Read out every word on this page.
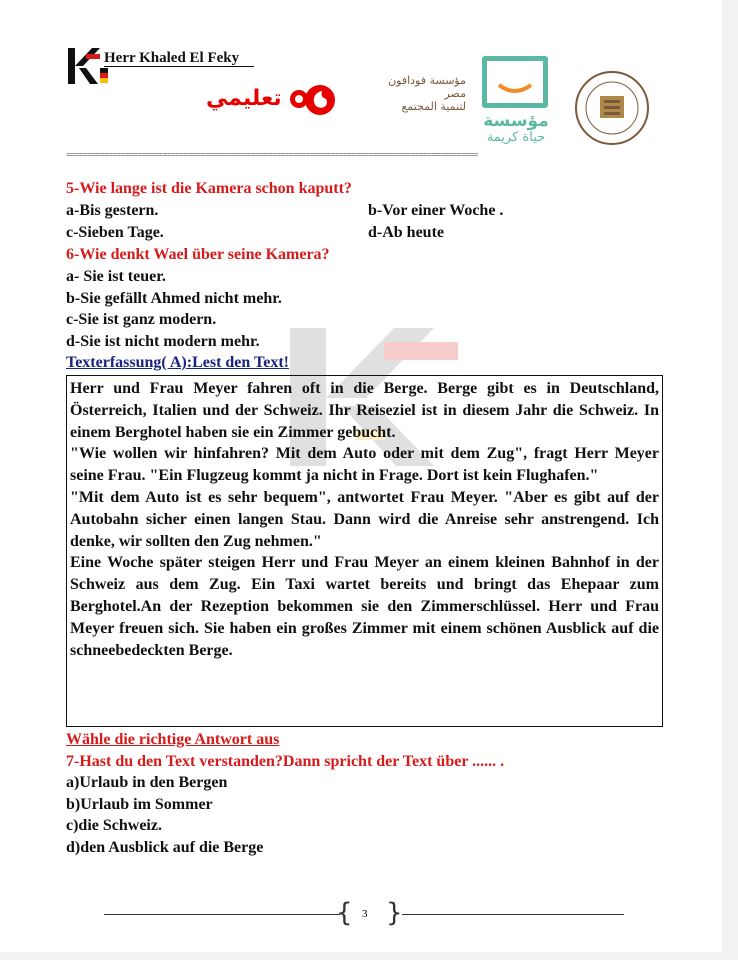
Herr Khaled El Feky
تعليمي
مؤسسة فودافون
مصر
لتنمية المجتمع
مؤسسة
حياة كريمة
==================================================================================================
5-Wie lange ist die Kamera schon kaputt?
a-Bis gestern.	b-Vor einer Woche .
c-Sieben Tage.	d-Ab heute
6-Wie denkt Wael über seine Kamera?
a- Sie ist teuer.
b-Sie gefällt Ahmed nicht mehr.
c-Sie ist ganz modern.
d-Sie ist nicht modern mehr.
Texterfassung( A):Lest den Text!

Herr und Frau Meyer fahren oft in die Berge. Berge gibt es in Deutschland, Österreich, Italien und der Schweiz. Ihr Reiseziel ist in diesem Jahr die Schweiz. In einem Berghotel haben sie ein Zimmer gebucht.

"Wie wollen wir hinfahren? Mit dem Auto oder mit dem Zug", fragt Herr Meyer seine Frau. "Ein Flugzeug kommt ja nicht in Frage. Dort ist kein Flughafen."

"Mit dem Auto ist es sehr bequem", antwortet Frau Meyer. "Aber es gibt auf der Autobahn sicher einen langen Stau. Dann wird die Anreise sehr anstrengend. Ich denke, wir sollten den Zug nehmen."

Eine Woche später steigen Herr und Frau Meyer an einem kleinen Bahnhof in der Schweiz aus dem Zug. Ein Taxi wartet bereits und bringt das Ehepaar zum Berghotel.An der Rezeption bekommen sie den Zimmerschlüssel. Herr und Frau Meyer freuen sich. Sie haben ein großes Zimmer mit einem schönen Ausblick auf die schneebedeckten Berge.

Wähle die richtige Antwort aus
7-Hast du den Text verstanden?Dann spricht der Text über ...... .
a)Urlaub in den Bergen
b)Urlaub im Sommer
c)die Schweiz.
d)den Ausblick auf die Berge
{ 3 }
